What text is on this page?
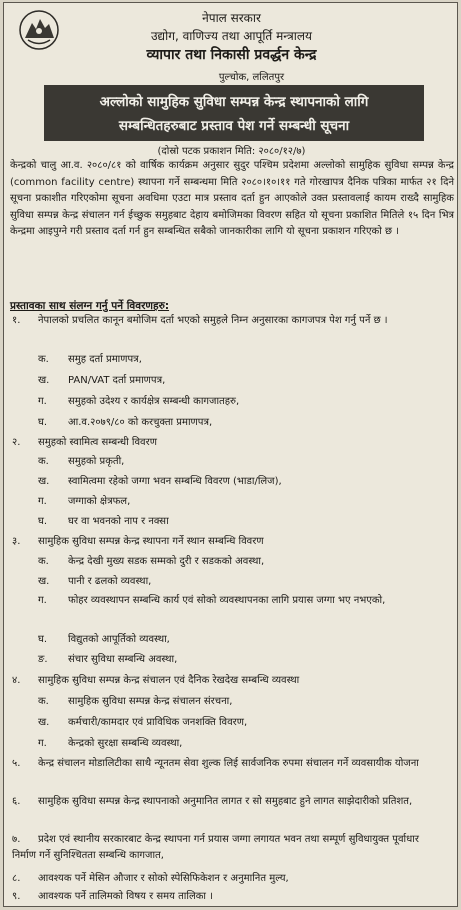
नेपाल सरकार
उद्योग, वाणिज्य तथा आपूर्ति मन्त्रालय
व्यापार तथा निकासी प्रवर्द्धन केन्द्र
पुल्चोक, ललितपुर
अल्लोको सामुहिक सुविधा सम्पन्न केन्द्र स्थापनाको लागि
सम्बन्धितहरुबाट प्रस्ताव पेश गर्ने सम्बन्धी सूचना
(दोस्रो पटक प्रकाशन मिति: २०८०/१२/७)
केन्द्रको चालु आ.व. २०८०/८१ को वार्षिक कार्यक्रम अनुसार सुदुर पश्चिम प्रदेशमा अल्लोको सामुहिक सुविधा सम्पन्न केन्द्र (common facility centre) स्थापना गर्ने सम्बन्धमा मिति २०८०।१०।११ गते गोरखापत्र दैनिक पत्रिका मार्फत २१ दिने सूचना प्रकाशीत गरिएकोमा सूचना अवधिमा एउटा मात्र प्रस्ताव दर्ता हुन आएकोले उक्त प्रस्तावलाई कायम राख्दै सामुहिक सुविधा सम्पन्न केन्द्र संचालन गर्न ईच्छुक समुहबाट देहाय बमोजिमका विवरण सहित यो सूचना प्रकाशित मितिले १५ दिन भित्र केन्द्रमा आइपुग्ने गरी प्रस्ताव दर्ता गर्न हुन सम्बन्धित सबैको जानकारीका लागि यो सूचना प्रकाशन गरिएको छ ।
प्रस्तावका साथ संलग्न गर्नु पर्ने विवरणहरु:
१. नेपालको प्रचलित कानून बमोजिम दर्ता भएको समुहले निम्न अनुसारका कागजपत्र पेश गर्नु पर्ने छ ।
क. समुह दर्ता प्रमाणपत्र,
ख. PAN/VAT दर्ता प्रमाणपत्र,
ग. समुहको उदेश्य र कार्यक्षेत्र सम्बन्धी कागजातहरु,
घ. आ.व.२०७९/८० को करचुक्ता प्रमाणपत्र,
२. समुहको स्वामित्व सम्बन्धी विवरण
क. समुहको प्रकृती,
ख. स्वामित्वमा रहेको जग्गा भवन सम्बन्धि विवरण (भाडा/लिज),
ग. जग्गाको क्षेत्रफल,
घ. घर वा भवनको नाप र नक्सा
३. सामुहिक सुविधा सम्पन्न केन्द्र स्थापना गर्ने स्थान सम्बन्धि विवरण
क. केन्द्र देखी मुख्य सडक सम्मको दुरी र सडकको अवस्था,
ख. पानी र ढलको व्यवस्था,
ग. फोहर व्यवस्थापन सम्बन्धि कार्य एवं सोको व्यवस्थापनका लागि प्रयास जग्गा भए नभएको,
घ. विद्युतको आपूर्तिको व्यवस्था,
ङ. संचार सुविधा सम्बन्धि अवस्था,
४. सामुहिक सुविधा सम्पन्न केन्द्र संचालन एवं दैनिक रेखदेख सम्बन्धि व्यवस्था
क. सामुहिक सुविधा सम्पन्न केन्द्र संचालन संरचना,
ख. कर्मचारी/कामदार एवं प्राविधिक जनशक्ति विवरण,
ग. केन्द्रको सुरक्षा सम्बन्धि व्यवस्था,
५. केन्द्र संचालन मोडालिटीका साथै न्यूनतम सेवा शुल्क लिई सार्वजनिक रुपमा संचालन गर्ने व्यवसायीक योजना
६. सामुहिक सुविधा सम्पन्न केन्द्र स्थापनाको अनुमानित लागत र सो समुहबाट हुने लागत साझेदारीको प्रतिशत,
७. प्रदेश एवं स्थानीय सरकारबाट केन्द्र स्थापना गर्न प्रयास जग्गा लगायत भवन तथा सम्पूर्ण सुविधायुक्त पूर्वाधार निर्माण गर्ने सुनिश्चितता सम्बन्धि कागजात,
८. आवश्यक पर्ने मेसिन औजार र सोको स्पेसिफिकेशन र अनुमानित मुल्य,
९. आवश्यक पर्ने तालिमको विषय र समय तालिका ।
